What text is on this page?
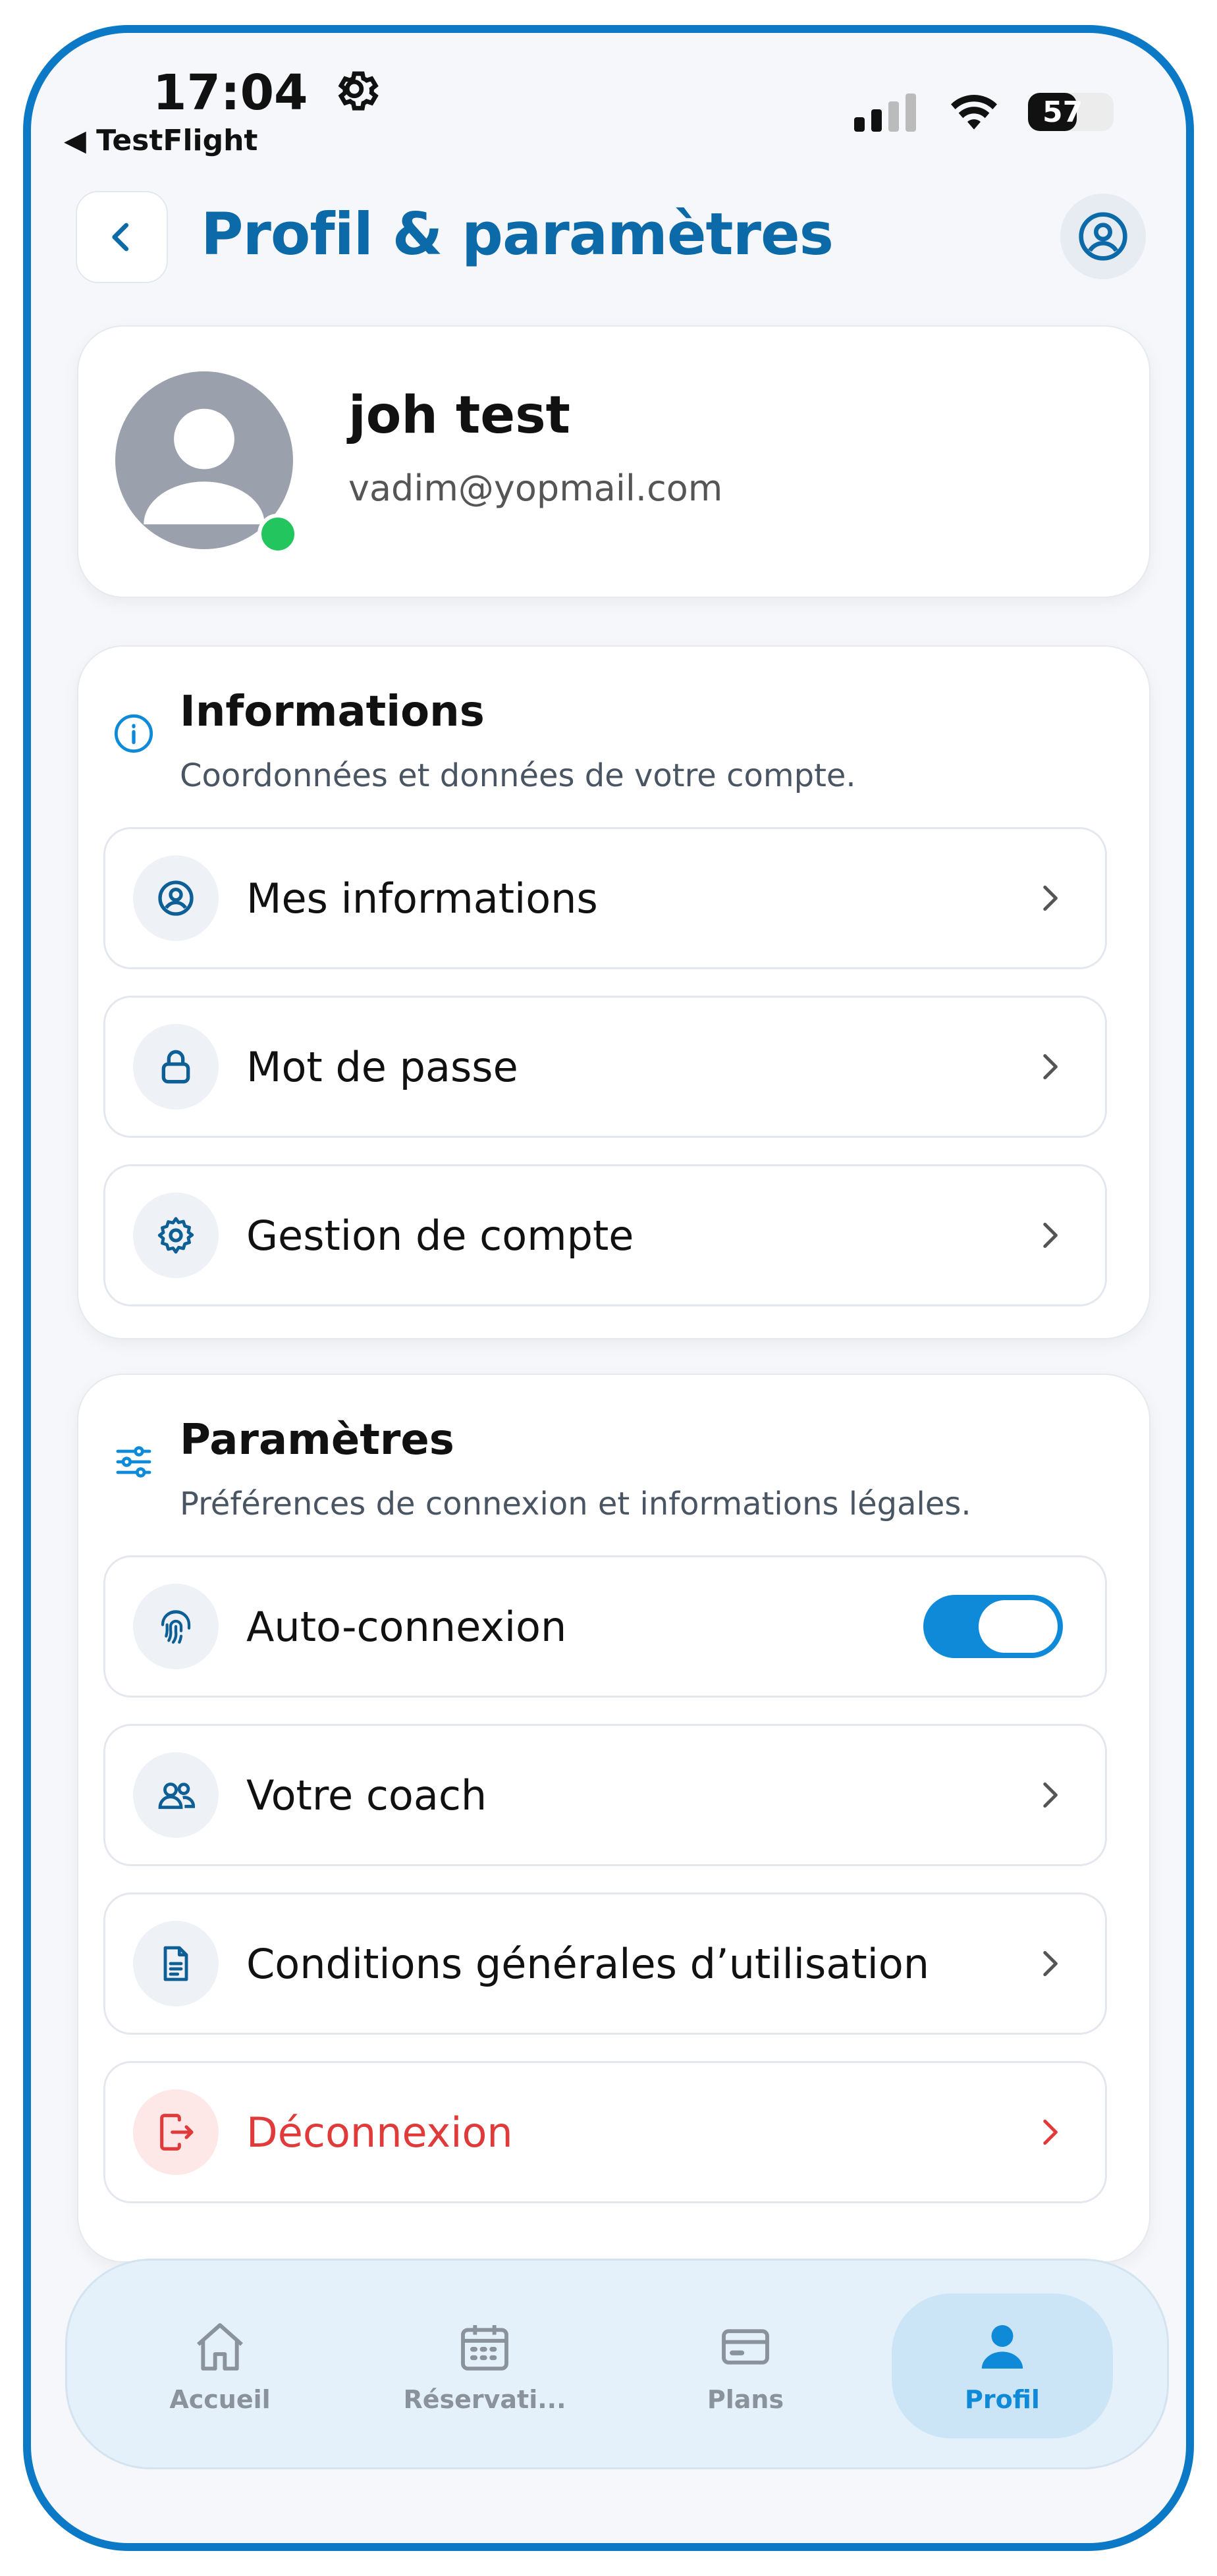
17:04
◀ TestFlight
57
Profil & paramètres
joh test
vadim@yopmail.com
Informations
Coordonnées et données de votre compte.
Mes informations
Mot de passe
Gestion de compte
Paramètres
Préférences de connexion et informations légales.
Auto-connexion
Votre coach
Conditions générales d’utilisation
Déconnexion
Accueil	Réservati...	Plans	Profil
